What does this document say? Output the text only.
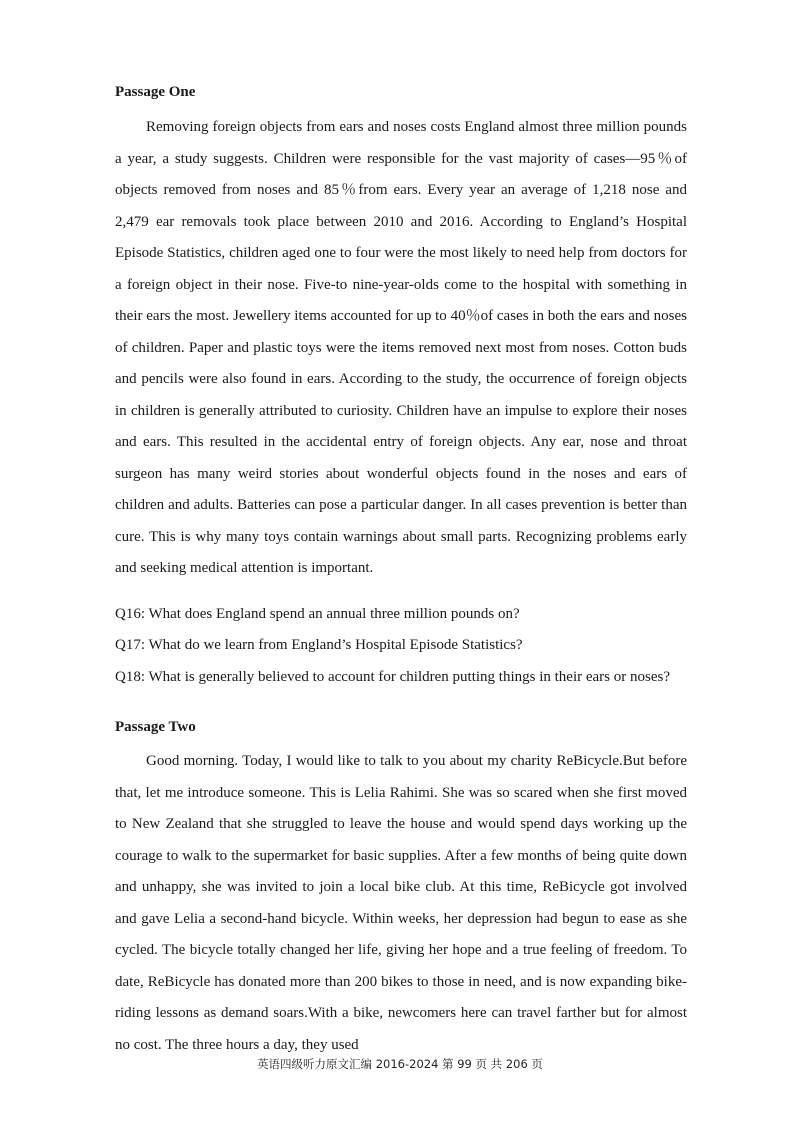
Passage One

Removing foreign objects from ears and noses costs England almost three million pounds a year, a study suggests. Children were responsible for the vast majority of cases—95％of objects removed from noses and 85％from ears. Every year an average of 1,218 nose and 2,479 ear removals took place between 2010 and 2016. According to England’s Hospital Episode Statistics, children aged one to four were the most likely to need help from doctors for a foreign object in their nose. Five-to nine-year-olds come to the hospital with something in their ears the most. Jewellery items accounted for up to 40％of cases in both the ears and noses of children. Paper and plastic toys were the items removed next most from noses. Cotton buds and pencils were also found in ears. According to the study, the occurrence of foreign objects in children is generally attributed to curiosity. Children have an impulse to explore their noses and ears. This resulted in the accidental entry of foreign objects. Any ear, nose and throat surgeon has many weird stories about wonderful objects found in the noses and ears of children and adults. Batteries can pose a particular danger. In all cases prevention is better than cure. This is why many toys contain warnings about small parts. Recognizing problems early and seeking medical attention is important.

Q16: What does England spend an annual three million pounds on?
Q17: What do we learn from England’s Hospital Episode Statistics?
Q18: What is generally believed to account for children putting things in their ears or noses?

Passage Two

Good morning. Today, I would like to talk to you about my charity ReBicycle.But before that, let me introduce someone. This is Lelia Rahimi. She was so scared when she first moved to New Zealand that she struggled to leave the house and would spend days working up the courage to walk to the supermarket for basic supplies. After a few months of being quite down and unhappy, she was invited to join a local bike club. At this time, ReBicycle got involved and gave Lelia a second-hand bicycle. Within weeks, her depression had begun to ease as she cycled. The bicycle totally changed her life, giving her hope and a true feeling of freedom. To date, ReBicycle has donated more than 200 bikes to those in need, and is now expanding bike-riding lessons as demand soars.With a bike, newcomers here can travel farther but for almost no cost. The three hours a day, they used

英语四级听力原文汇编 2016-2024 第 99 页 共 206 页
